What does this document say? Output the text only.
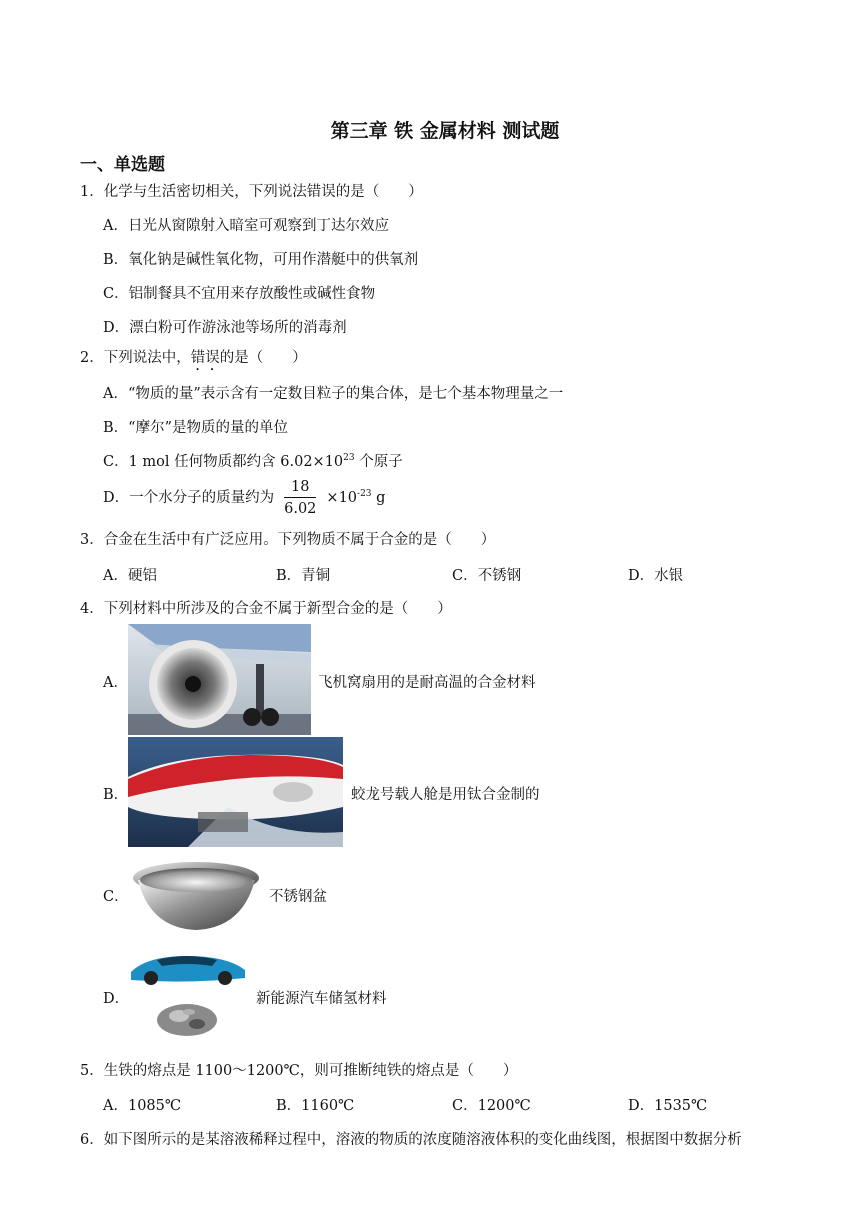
第三章 铁 金属材料 测试题
一、单选题
1．化学与生活密切相关，下列说法错误的是（　　）
A．日光从窗隙射入暗室可观察到丁达尔效应
B．氧化钠是碱性氧化物，可用作潜艇中的供氧剂
C．铝制餐具不宜用来存放酸性或碱性食物
D．漂白粉可作游泳池等场所的消毒剂
2．下列说法中，错误的是（　　）
A．“物质的量”表示含有一定数目粒子的集合体，是七个基本物理量之一
B．“摩尔”是物质的量的单位
C．1 mol 任何物质都约含 $6.02\times 10^{23}$ 个原子
D．一个水分子的质量约为 $\frac{18}{6.02} \times 10^{-23}$ g
3．合金在生活中有广泛应用。下列物质不属于合金的是（　　）
A．硬铝	B．青铜	C．不锈钢	D．水银
4．下列材料中所涉及的合金不属于新型合金的是（　　）
A．	飞机窝扇用的是耐高温的合金材料
B．	蛟龙号载人舱是用钛合金制的
C．	不锈钢盆
D．	新能源汽车储氢材料
5．生铁的熔点是 1100～1200℃，则可推断纯铁的熔点是（　　）
A．1085℃	B．1160℃	C．1200℃	D．1535℃
6．如下图所示的是某溶液稀释过程中，溶液的物质的浓度随溶液体积的变化曲线图，根据图中数据分析
